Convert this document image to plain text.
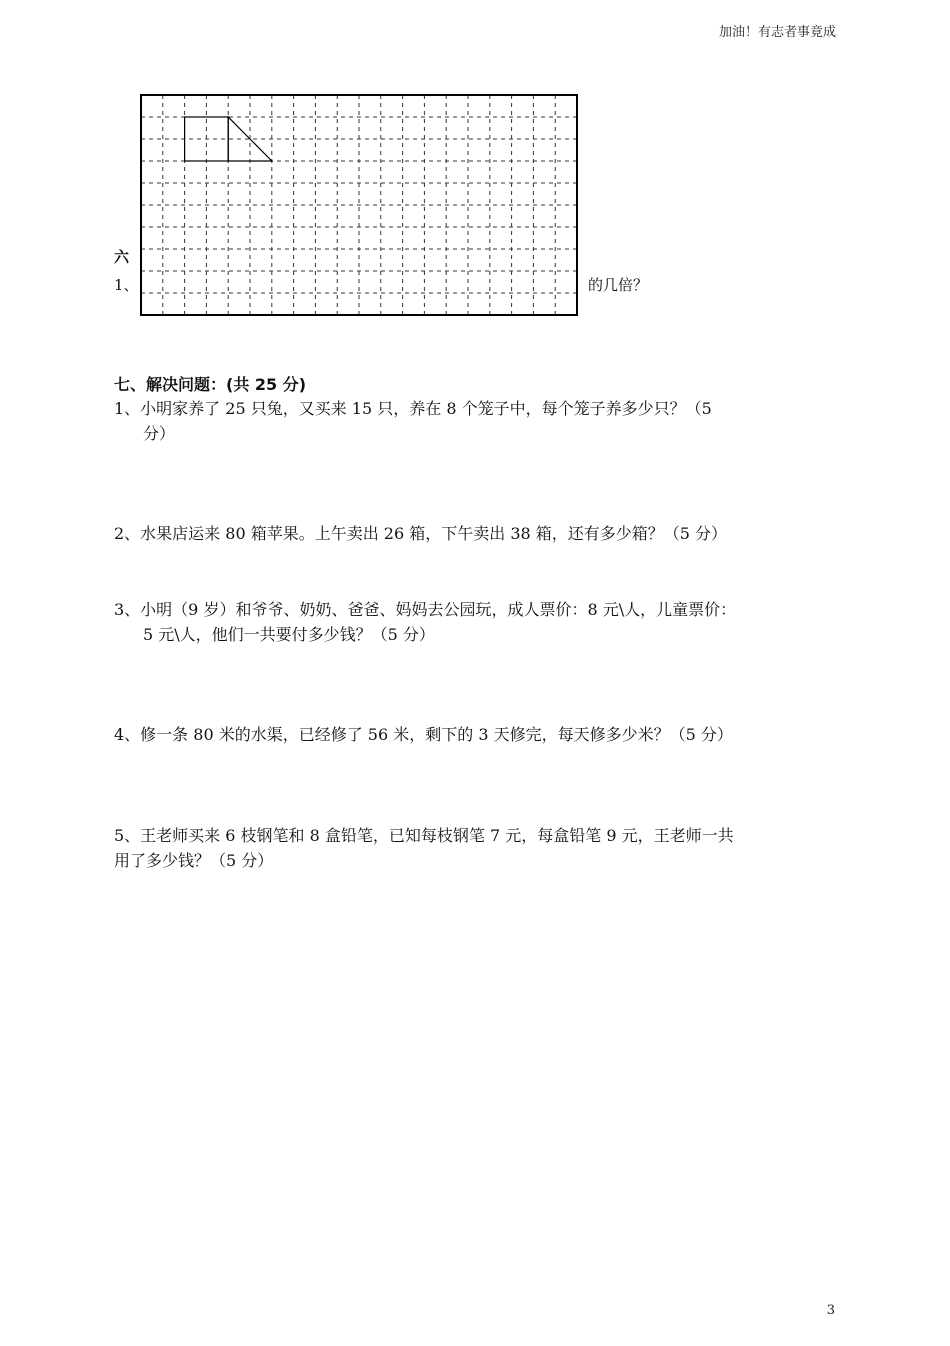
加油！有志者事竟成
六
1、	的几倍？
七、解决问题：(共 25 分)
1、小明家养了 25 只兔，又买来 15 只，养在 8 个笼子中，每个笼子养多少只？（5
分）
2、水果店运来 80 箱苹果。上午卖出 26 箱，下午卖出 38 箱，还有多少箱？（5 分）
3、小明（9 岁）和爷爷、奶奶、爸爸、妈妈去公园玩，成人票价：8 元\人，儿童票价：
5 元\人，他们一共要付多少钱？（5 分）
4、修一条 80 米的水渠，已经修了 56 米，剩下的 3 天修完，每天修多少米？（5 分）
5、王老师买来 6 枝钢笔和 8 盒铅笔，已知每枝钢笔 7 元，每盒铅笔 9 元，王老师一共
用了多少钱？（5 分）
3
